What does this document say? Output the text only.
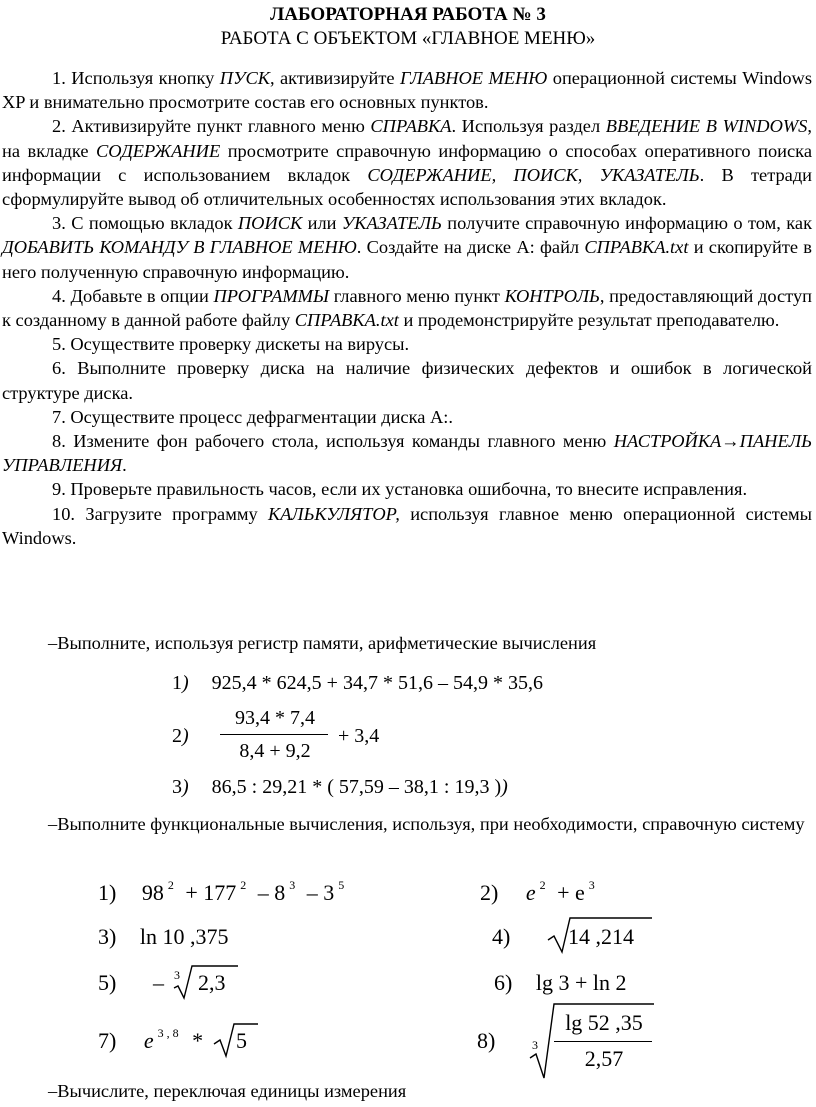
ЛАБОРАТОРНАЯ РАБОТА № 3
РАБОТА С ОБЪЕКТОМ «ГЛАВНОЕ МЕНЮ»

1. Используя кнопку ПУСК, активизируйте ГЛАВНОЕ МЕНЮ операционной системы Windows XP и внимательно просмотрите состав его основных пунктов.

2. Активизируйте пункт главного меню СПРАВКА. Используя раздел ВВЕДЕНИЕ В WINDOWS, на вкладке СОДЕРЖАНИЕ просмотрите справочную информацию о способах оперативного поиска информации с использованием вкладок СОДЕРЖАНИЕ, ПОИСК, УКАЗАТЕЛЬ. В тетради сформулируйте вывод об отличительных особенностях использования этих вкладок.

3. С помощью вкладок ПОИСК или УКАЗАТЕЛЬ получите справочную информацию о том, как ДОБАВИТЬ КОМАНДУ В ГЛАВНОЕ МЕНЮ. Создайте на диске А: файл СПРАВКА.txt и скопируйте в него полученную справочную информацию.

4. Добавьте в опции ПРОГРАММЫ главного меню пункт КОНТРОЛЬ, предоставляющий доступ к созданному в данной работе файлу СПРАВКА.txt и продемонстрируйте результат преподавателю.

5. Осуществите проверку дискеты на вирусы.

6. Выполните проверку диска на наличие физических дефектов и ошибок в логической структуре диска.

7. Осуществите процесс дефрагментации диска А:.

8. Измените фон рабочего стола, используя команды главного меню НАСТРОЙКА→ПАНЕЛЬ УПРАВЛЕНИЯ.

9. Проверьте правильность часов, если их установка ошибочна, то внесите исправления.

10. Загрузите программу КАЛЬКУЛЯТОР, используя главное меню операционной системы Windows.

–Выполните, используя регистр памяти, арифметические вычисления
1) 925,4 * 624,5 + 34,7 * 51,6 – 54,9 * 35,6
2)
93,4 * 7,4
8,4 + 9,2
+ 3,4
3) 86,5 : 29,21 * ( 57,59 – 38,1 : 19,3 ))
–Выполните функциональные вычисления, используя, при необходимости, справочную систему
1) 98 $^2$ + 177 $^2$ – 8 $^3$ – 3 $^5$	2) e $^2$ + e $^3$
3) ln 10 ,375	4)	14 ,214
5) – 3 2,3	6) lg 3 + ln 2
7) e $^{3 , 8}$ * 5	8)	3
lg 52 ,35
2,57
–Вычислите, переключая единицы измерения
